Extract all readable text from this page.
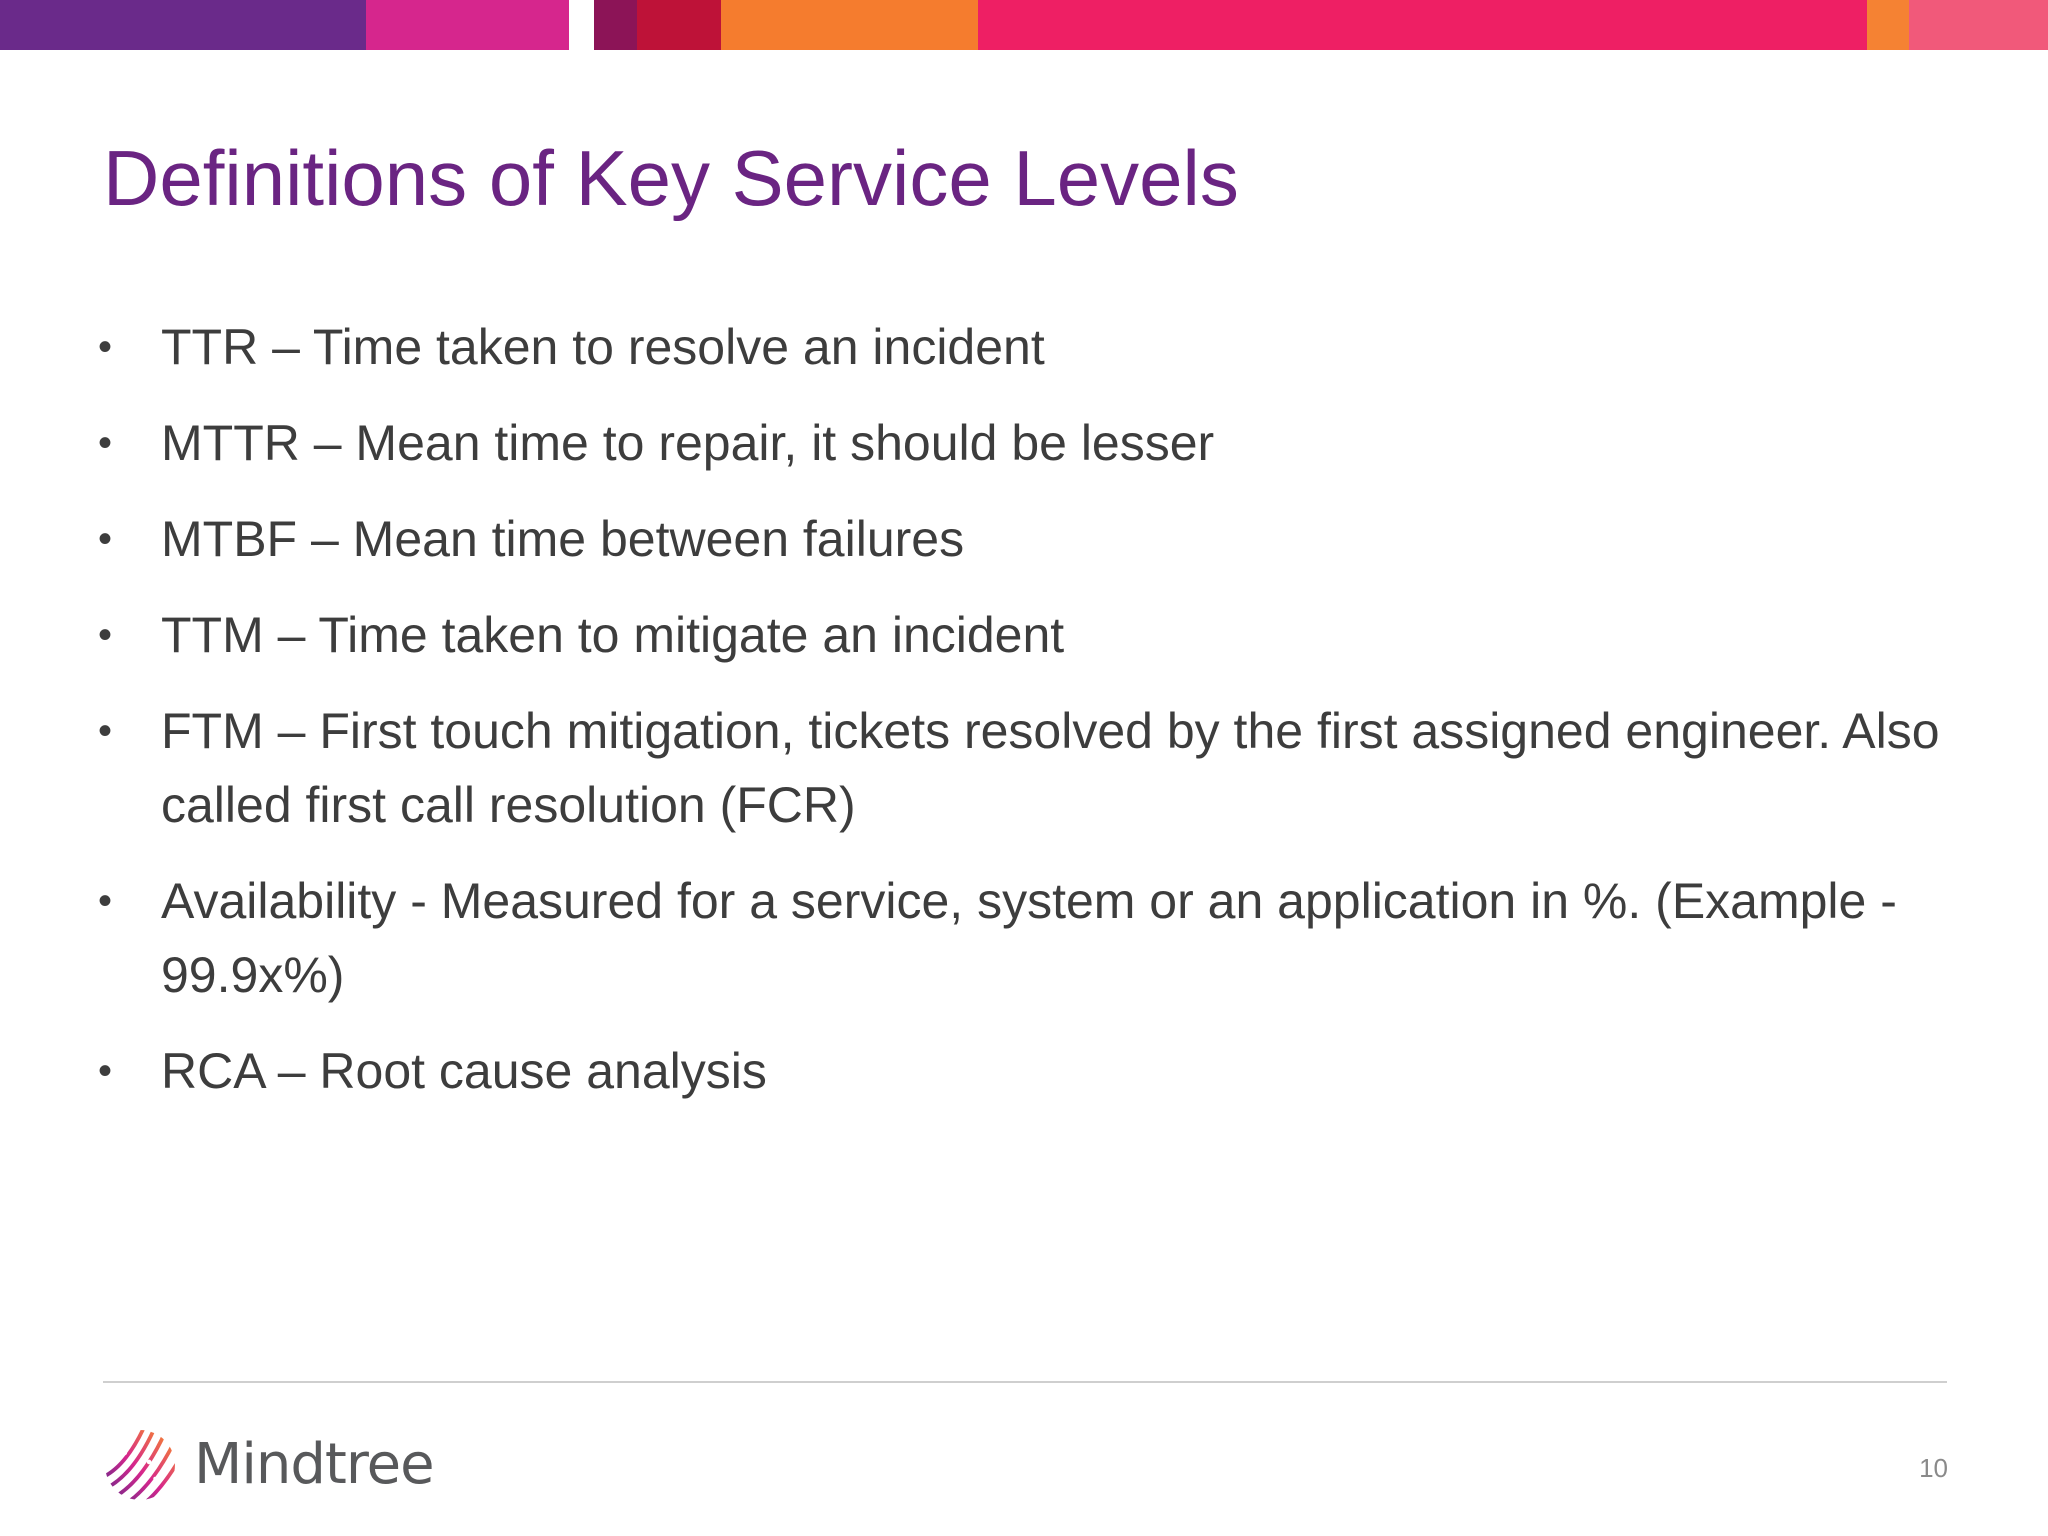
Definitions of Key Service Levels
• TTR – Time taken to resolve an incident
• MTTR – Mean time to repair, it should be lesser
• MTBF – Mean time between failures
• TTM – Time taken to mitigate an incident
• FTM – First touch mitigation, tickets resolved by the first assigned engineer. Also called first call resolution (FCR)
• Availability - Measured for a service, system or an application in %. (Example - 99.9x%)
• RCA – Root cause analysis
Mindtree	10
